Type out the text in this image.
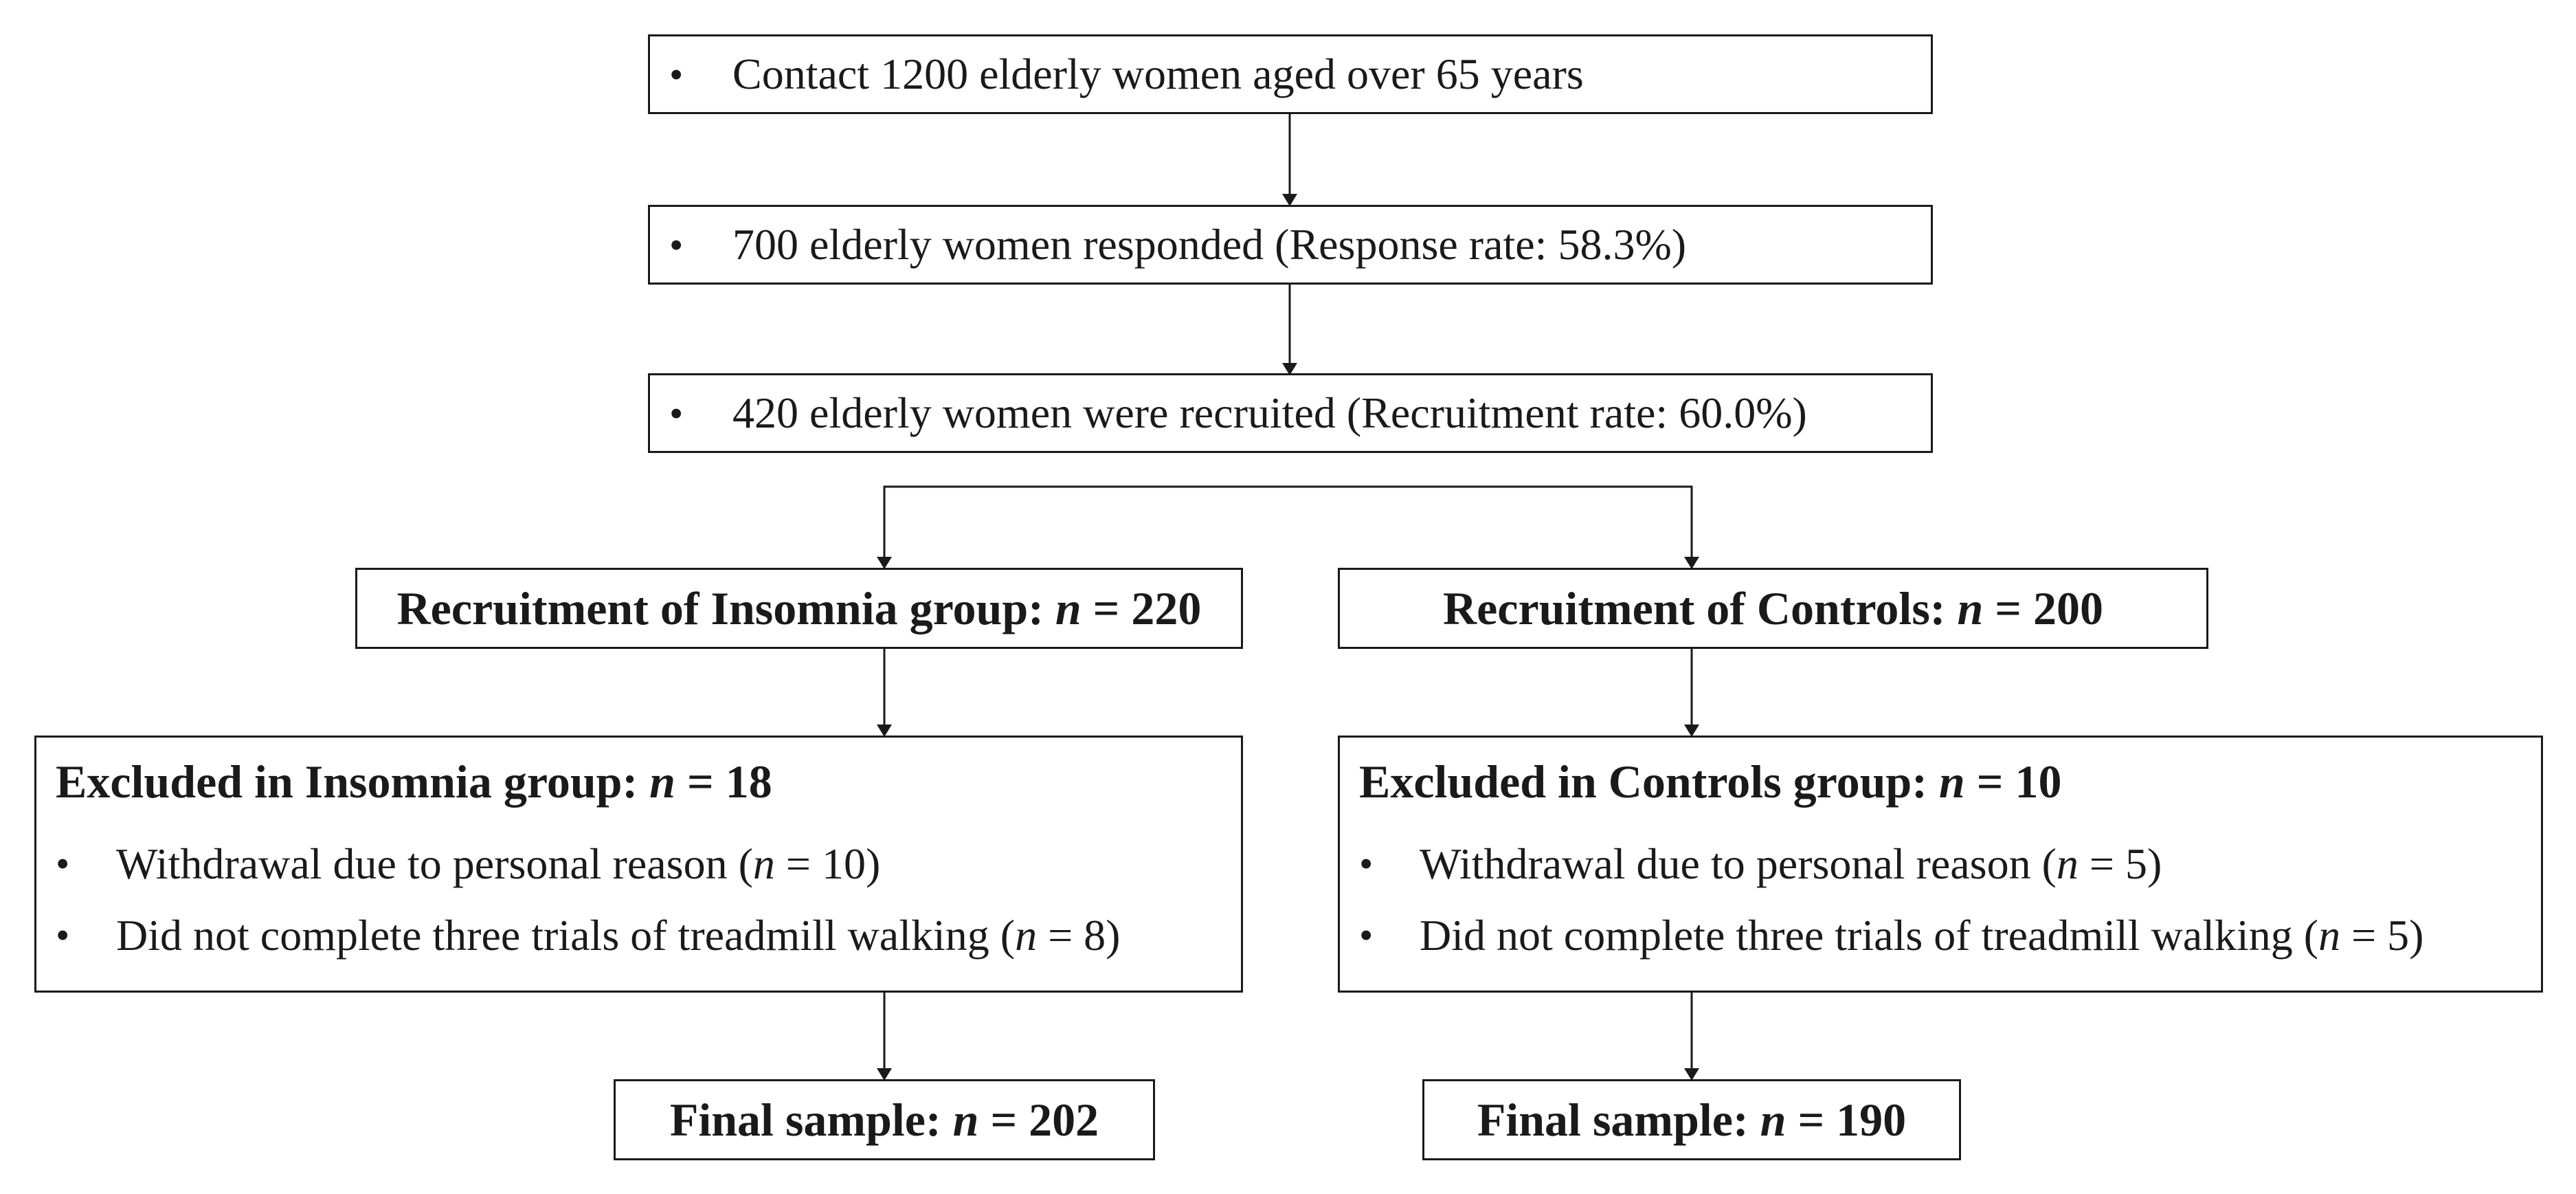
•	Contact 1200 elderly women aged over 65 years
•	700 elderly women responded (Response rate: 58.3%)
•	420 elderly women were recruited (Recruitment rate: 60.0%)
Recruitment of Insomnia group: n = 220	Recruitment of Controls: n = 200
Excluded in Insomnia group: n = 18
•	Withdrawal due to personal reason ( n = 10)
•	Did not complete three trials of treadmill walking ( n = 8)
Excluded in Controls group: n = 10
•	Withdrawal due to personal reason ( n = 5)
•	Did not complete three trials of treadmill walking ( n = 5)
Final sample: n = 202	Final sample: n = 190
